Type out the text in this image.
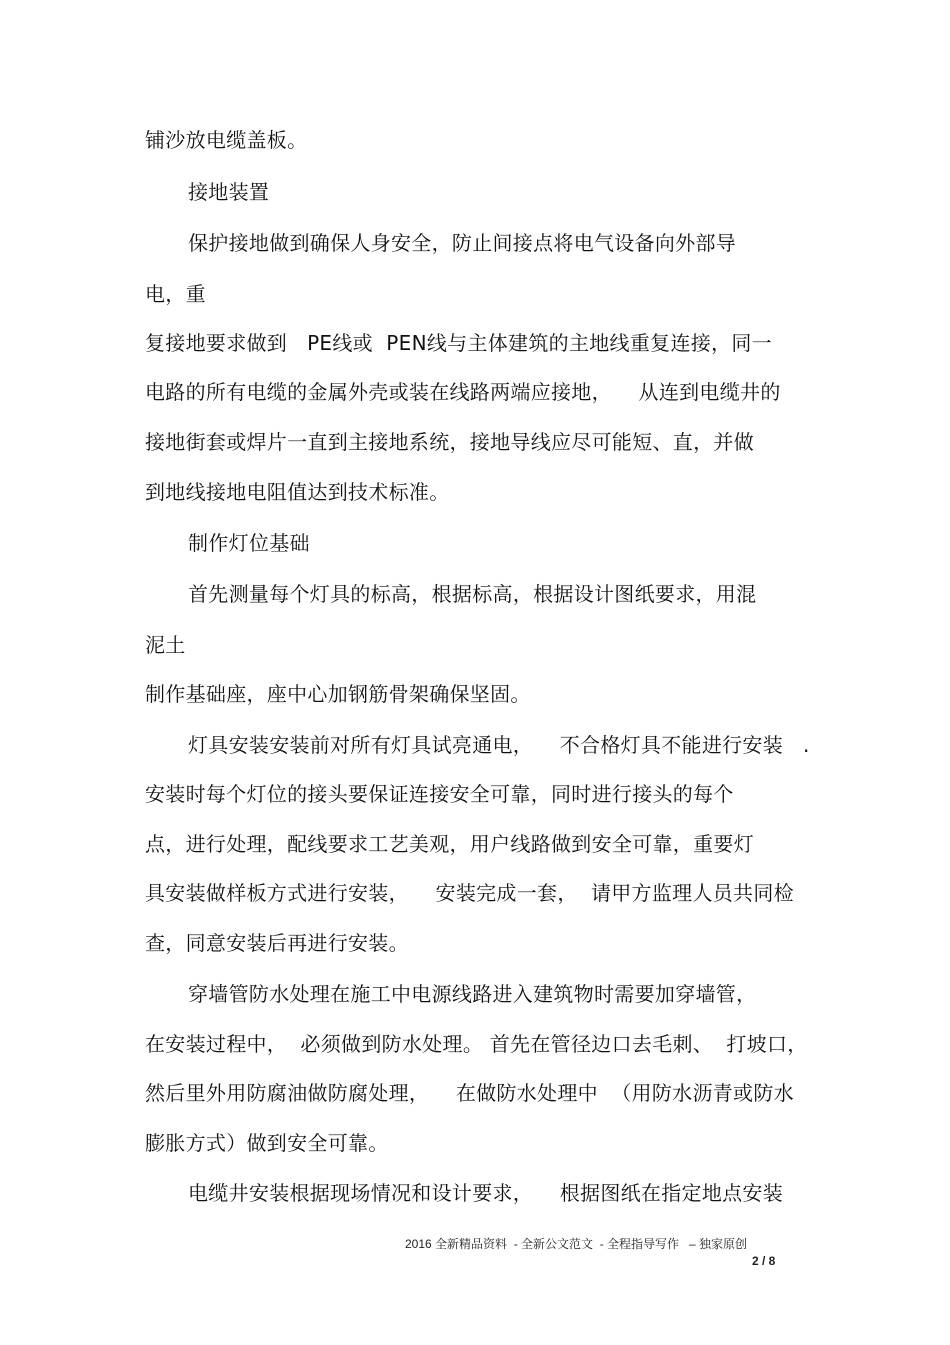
铺沙放电缆盖板。
接地装置
保护接地做到确保人身安全，防止间接点将电气设备向外部导
电，重
复接地要求做到   PE线或  PEN线与主体建筑的主地线重复连接，同一
电路的所有电缆的金属外壳或装在线路两端应接地，    从连到电缆井的
接地街套或焊片一直到主接地系统，接地导线应尽可能短、直，并做
到地线接地电阻值达到技术标准。
制作灯位基础
首先测量每个灯具的标高，根据标高，根据设计图纸要求，用混
泥土
制作基础座，座中心加钢筋骨架确保坚固。
灯具安装安装前对所有灯具试亮通电，    不合格灯具不能进行安装   .
安装时每个灯位的接头要保证连接安全可靠，同时进行接头的每个
点，进行处理，配线要求工艺美观，用户线路做到安全可靠，重要灯
具安装做样板方式进行安装，    安装完成一套，  请甲方监理人员共同检
查，同意安装后再进行安装。
穿墙管防水处理在施工中电源线路进入建筑物时需要加穿墙管，
在安装过程中，  必须做到防水处理。 首先在管径边口去毛刺、  打坡口，
然后里外用防腐油做防腐处理，    在做防水处理中  （用防水沥青或防水
膨胀方式）做到安全可靠。
电缆井安装根据现场情况和设计要求，    根据图纸在指定地点安装
2016 全新精品资料  - 全新公文范文  - 全程指导写作   – 独家原创
2 / 8
